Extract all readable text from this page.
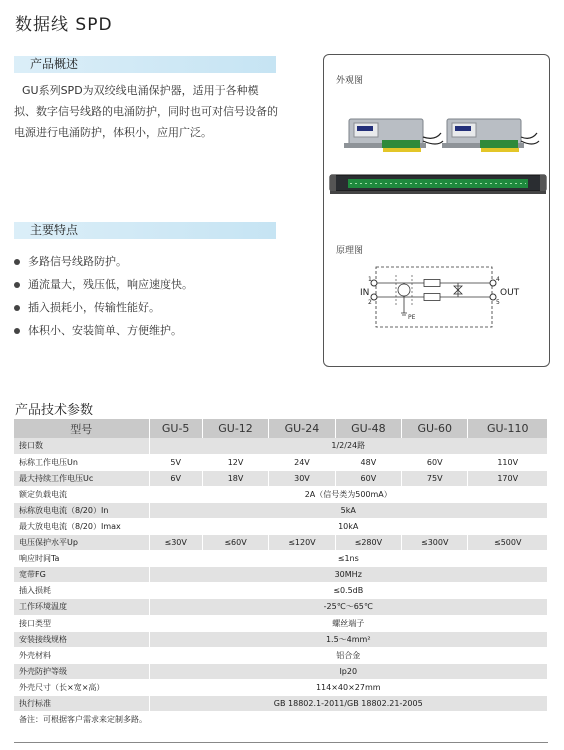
数据线 SPD
产品概述

GU系列SPD为双绞线电涌保护器，适用于各种模拟、数字信号线路的电涌防护，同时也可对信号设备的电源进行电涌防护，体积小，应用广泛。

主要特点
多路信号线路防护。
通流量大，残压低，响应速度快。
插入损耗小，传输性能好。
体积小、安装简单、方便维护。
外观图
原理图
PE
IN	OUT
1
2
4
5
产品技术参数
型号	GU-5	GU-12	GU-24	GU-48	GU-60	GU-110
接口数	1/2/24路					
标称工作电压Un	5V	12V	24V	48V	60V	110V
最大持续工作电压Uc	6V	18V	30V	60V	75V	170V
额定负载电流	2A（信号类为500mA）					
标称放电电流（8/20）In	5kA					
最大放电电流（8/20）Imax	10kA					
电压保护水平Up	≤30V	≤60V	≤120V	≤280V	≤300V	≤500V
响应时间Ta	≤1ns					
宽带FG	30MHz					
插入损耗	≤0.5dB					
工作环境温度	-25℃～65℃					
接口类型	螺丝端子					
安装接线规格	1.5～4mm²					
外壳材料	铝合金					
外壳防护等级	Ip20					
外壳尺寸（长×宽×高）	114×40×27mm					
执行标准	GB 18802.1-2011/GB 18802.21-2005					
备注：可根据客户需求来定制多路。						
